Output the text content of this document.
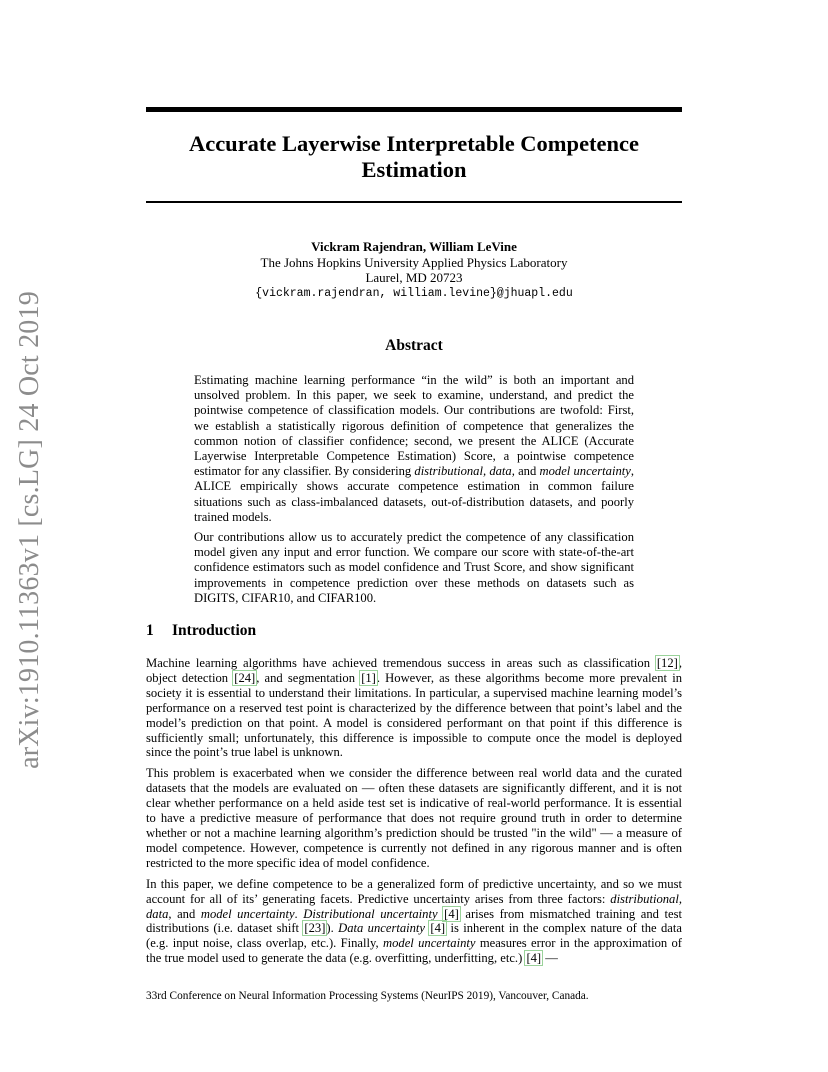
arXiv:1910.11363v1 [cs.LG] 24 Oct 2019
Accurate Layerwise Interpretable Competence
Estimation
Vickram Rajendran, William LeVine
The Johns Hopkins University Applied Physics Laboratory
Laurel, MD 20723
{vickram.rajendran, william.levine}@jhuapl.edu
Abstract

Estimating machine learning performance “in the wild” is both an important and unsolved problem. In this paper, we seek to examine, understand, and predict the pointwise competence of classification models. Our contributions are twofold: First, we establish a statistically rigorous definition of competence that generalizes the common notion of classifier confidence; second, we present the ALICE (Accurate Layerwise Interpretable Competence Estimation) Score, a pointwise competence estimator for any classifier. By considering distributional, data, and model uncertainty, ALICE empirically shows accurate competence estimation in common failure situations such as class-imbalanced datasets, out-of-distribution datasets, and poorly trained models.

Our contributions allow us to accurately predict the competence of any classification model given any input and error function. We compare our score with state-of-the-art confidence estimators such as model confidence and Trust Score, and show significant improvements in competence prediction over these methods on datasets such as DIGITS, CIFAR10, and CIFAR100.

1 Introduction

Machine learning algorithms have achieved tremendous success in areas such as classification [12], object detection [24], and segmentation [1]. However, as these algorithms become more prevalent in society it is essential to understand their limitations. In particular, a supervised machine learning model’s performance on a reserved test point is characterized by the difference between that point’s label and the model’s prediction on that point. A model is considered performant on that point if this difference is sufficiently small; unfortunately, this difference is impossible to compute once the model is deployed since the point’s true label is unknown.

This problem is exacerbated when we consider the difference between real world data and the curated datasets that the models are evaluated on — often these datasets are significantly different, and it is not clear whether performance on a held aside test set is indicative of real-world performance. It is essential to have a predictive measure of performance that does not require ground truth in order to determine whether or not a machine learning algorithm’s prediction should be trusted "in the wild" — a measure of model competence. However, competence is currently not defined in any rigorous manner and is often restricted to the more specific idea of model confidence.

In this paper, we define competence to be a generalized form of predictive uncertainty, and so we must account for all of its’ generating facets. Predictive uncertainty arises from three factors: distributional, data, and model uncertainty. Distributional uncertainty [4] arises from mismatched training and test distributions (i.e. dataset shift [23]). Data uncertainty [4] is inherent in the complex nature of the data (e.g. input noise, class overlap, etc.). Finally, model uncertainty measures error in the approximation of the true model used to generate the data (e.g. overfitting, underfitting, etc.) [4] —

33rd Conference on Neural Information Processing Systems (NeurIPS 2019), Vancouver, Canada.
